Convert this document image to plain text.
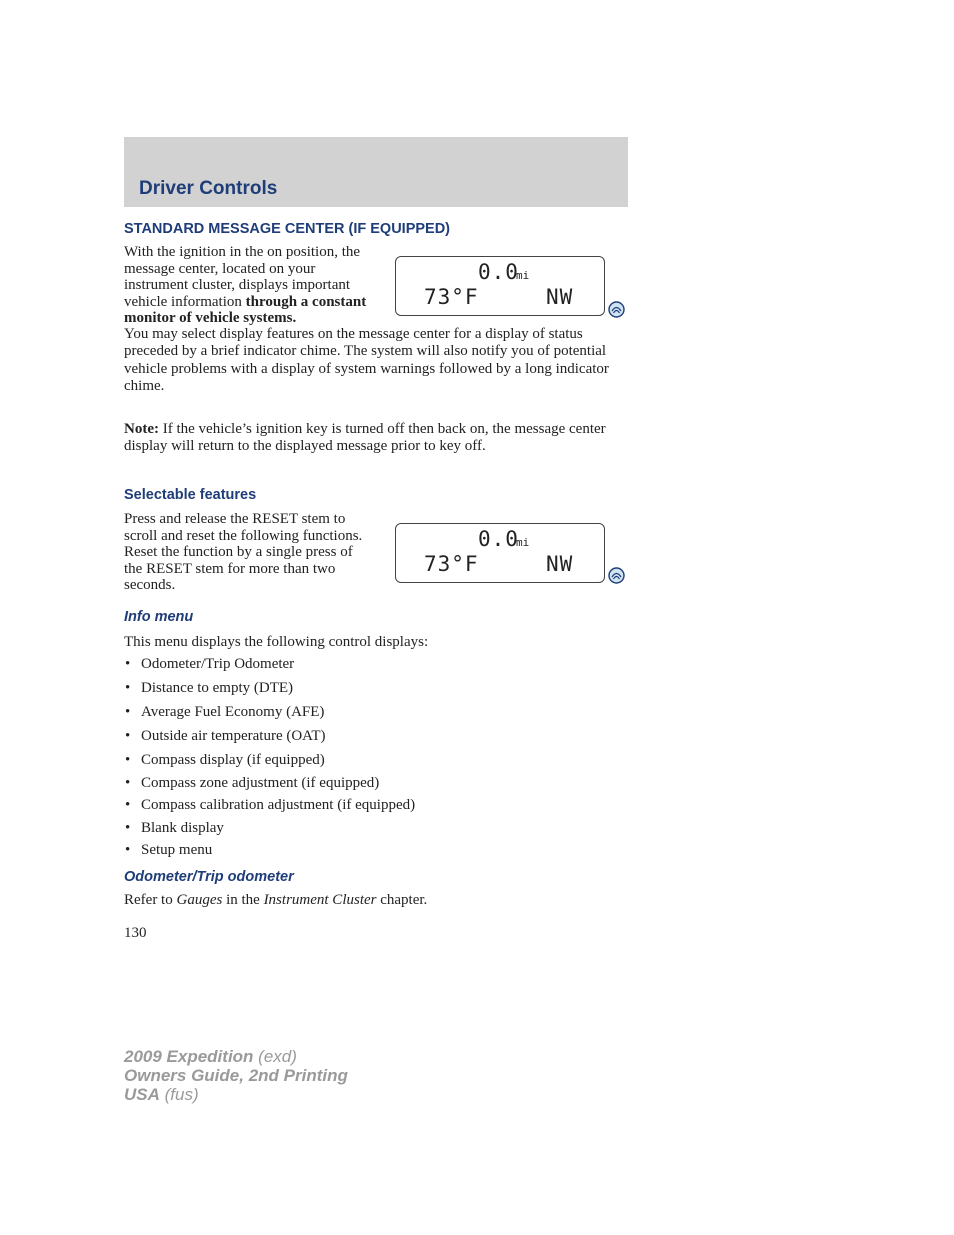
Driver Controls
STANDARD MESSAGE CENTER (IF EQUIPPED)
With the ignition in the on position, the message center, located on your instrument cluster, displays important vehicle information through a constant monitor of vehicle systems.
You may select display features on the message center for a display of status preceded by a brief indicator chime. The system will also notify you of potential vehicle problems with a display of system warnings followed by a long indicator chime.
0.0
mi
73°F	NW
Note: If the vehicle’s ignition key is turned off then back on, the message center display will return to the displayed message prior to key off.
Selectable features
Press and release the RESET stem to scroll and reset the following functions. Reset the function by a single press of the RESET stem for more than two seconds.
0.0
mi
73°F	NW
Info menu
This menu displays the following control displays:
• Odometer/Trip Odometer
• Distance to empty (DTE)
• Average Fuel Economy (AFE)
• Outside air temperature (OAT)
• Compass display (if equipped)
• Compass zone adjustment (if equipped)
• Compass calibration adjustment (if equipped)
• Blank display
• Setup menu
Odometer/Trip odometer
Refer to Gauges in the Instrument Cluster chapter.
130
2009 Expedition (exd)
Owners Guide, 2nd Printing
USA (fus)
